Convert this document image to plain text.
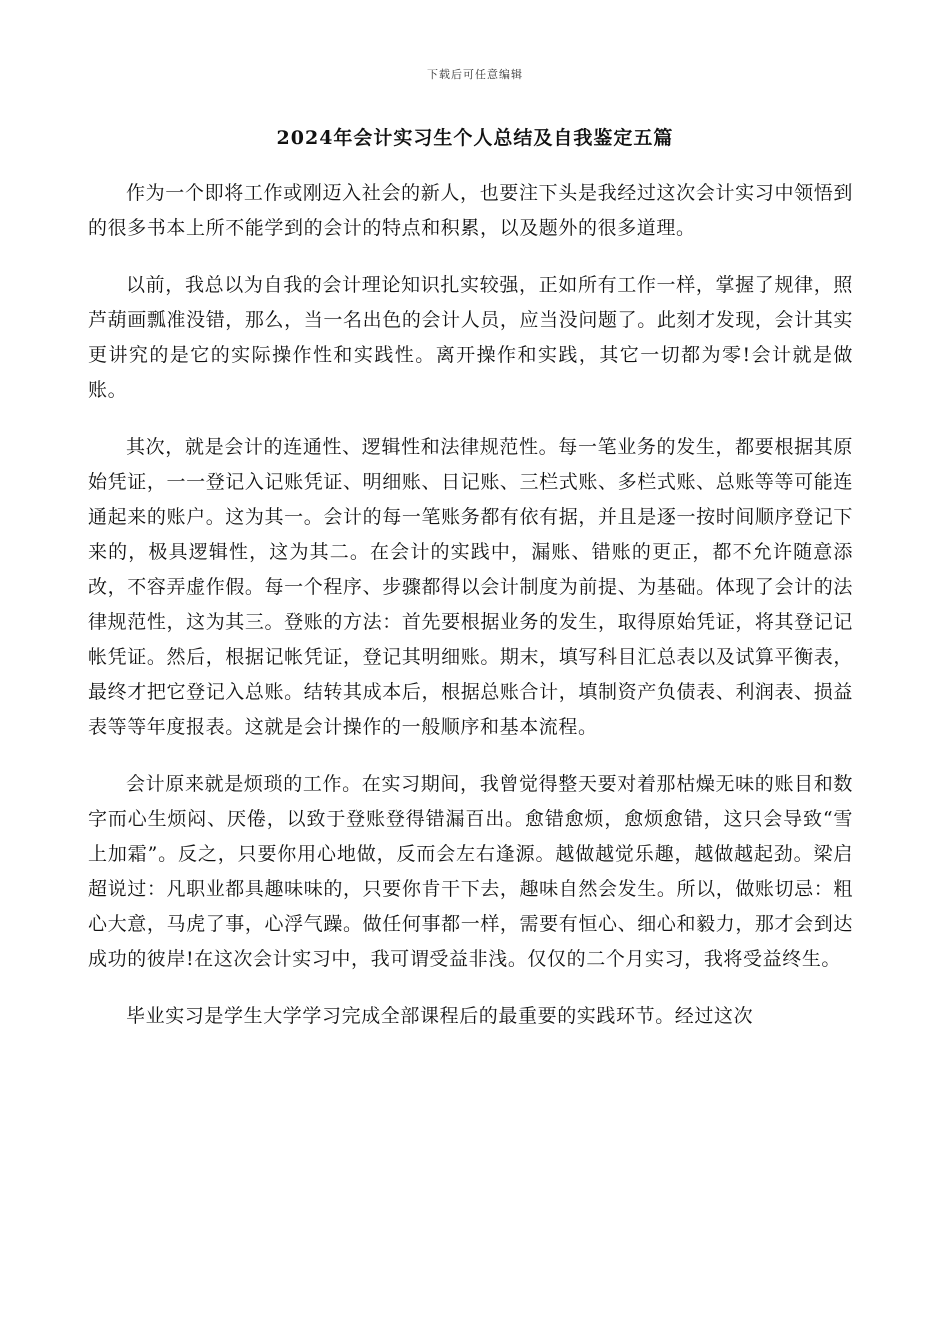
下载后可任意编辑
2024年会计实习生个人总结及自我鉴定五篇

作为一个即将工作或刚迈入社会的新人，也要注下头是我经过这次会计实习中领悟到的很多书本上所不能学到的会计的特点和积累，以及题外的很多道理。

以前，我总以为自我的会计理论知识扎实较强，正如所有工作一样，掌握了规律，照芦葫画瓢准没错，那么，当一名出色的会计人员，应当没问题了。此刻才发现，会计其实更讲究的是它的实际操作性和实践性。离开操作和实践，其它一切都为零!会计就是做账。

其次，就是会计的连通性、逻辑性和法律规范性。每一笔业务的发生，都要根据其原始凭证，一一登记入记账凭证、明细账、日记账、三栏式账、多栏式账、总账等等可能连通起来的账户。这为其一。会计的每一笔账务都有依有据，并且是逐一按时间顺序登记下来的，极具逻辑性，这为其二。在会计的实践中，漏账、错账的更正，都不允许随意添改，不容弄虚作假。每一个程序、步骤都得以会计制度为前提、为基础。体现了会计的法律规范性，这为其三。登账的方法：首先要根据业务的发生，取得原始凭证，将其登记记帐凭证。然后，根据记帐凭证，登记其明细账。期末，填写科目汇总表以及试算平衡表，最终才把它登记入总账。结转其成本后，根据总账合计，填制资产负债表、利润表、损益表等等年度报表。这就是会计操作的一般顺序和基本流程。

会计原来就是烦琐的工作。在实习期间，我曾觉得整天要对着那枯燥无味的账目和数字而心生烦闷、厌倦，以致于登账登得错漏百出。愈错愈烦，愈烦愈错，这只会导致“雪上加霜”。反之，只要你用心地做，反而会左右逢源。越做越觉乐趣，越做越起劲。梁启超说过：凡职业都具趣味味的，只要你肯干下去，趣味自然会发生。所以，做账切忌：粗心大意，马虎了事，心浮气躁。做任何事都一样，需要有恒心、细心和毅力，那才会到达成功的彼岸!在这次会计实习中，我可谓受益非浅。仅仅的二个月实习，我将受益终生。

毕业实习是学生大学学习完成全部课程后的最重要的实践环节。经过这次
